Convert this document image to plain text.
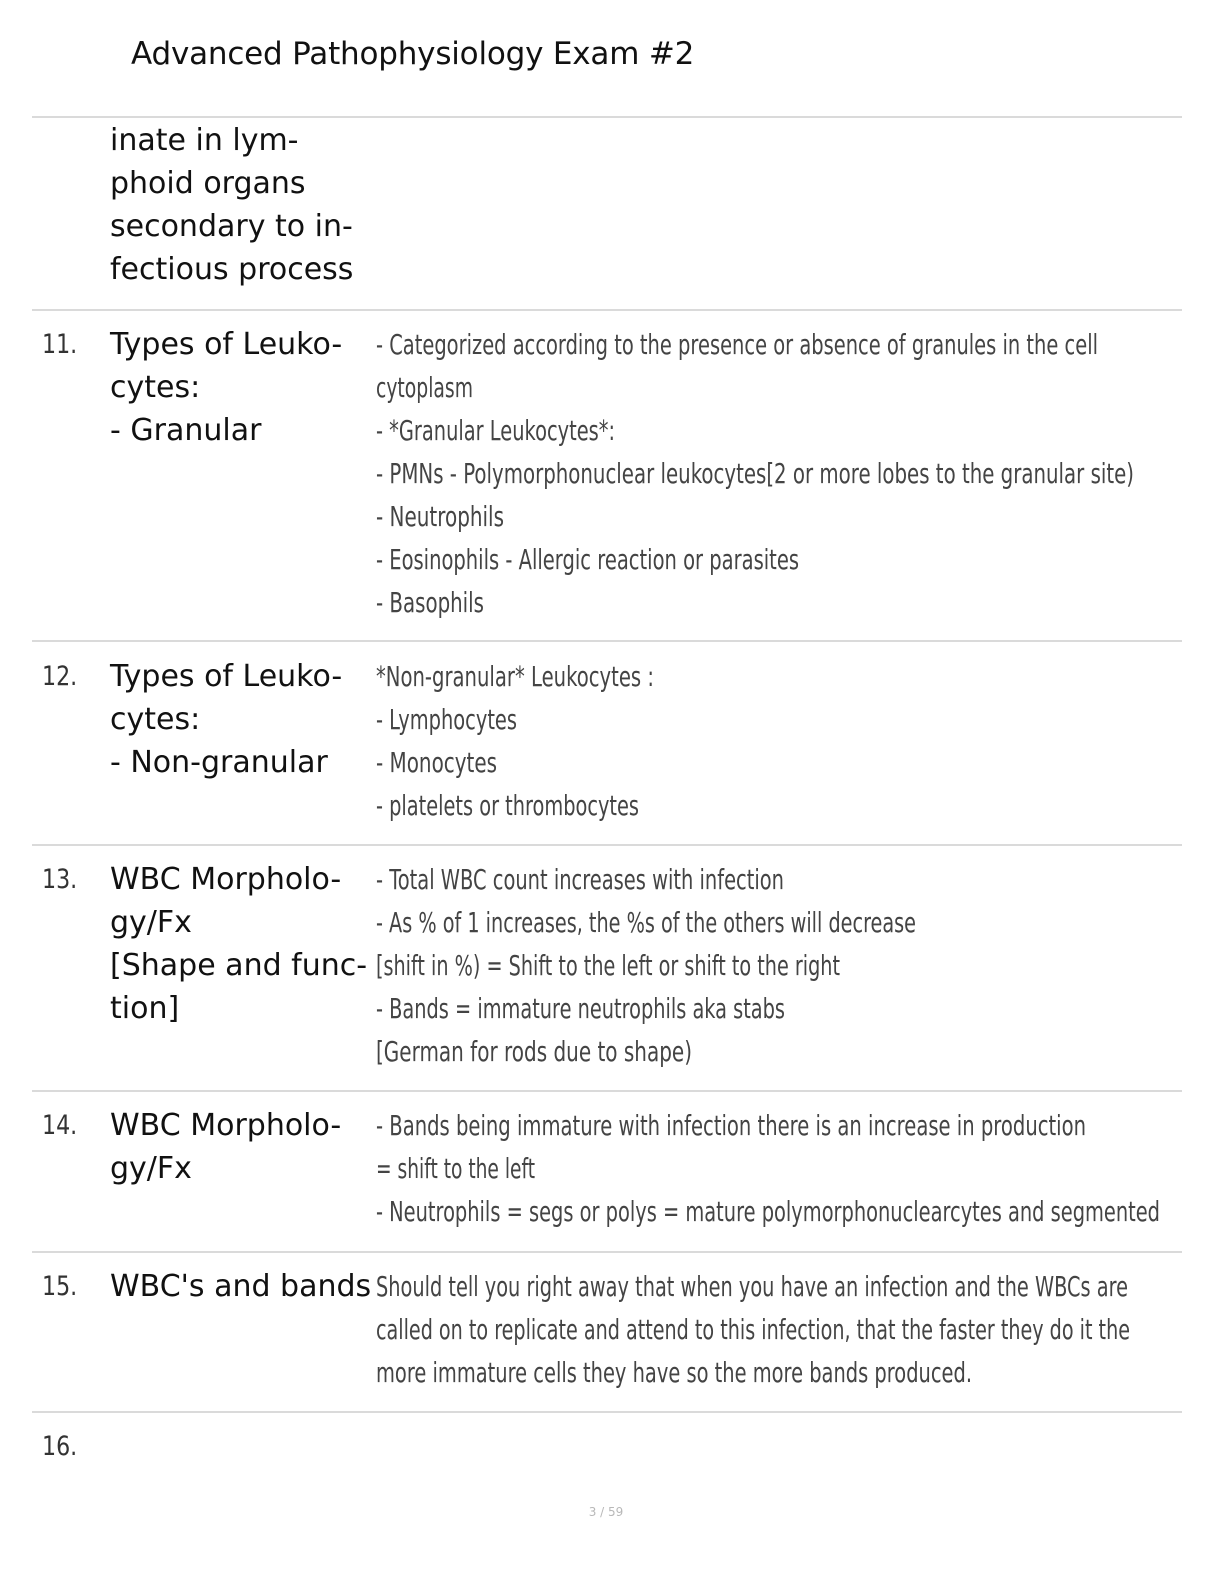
Advanced Pathophysiology Exam #2
inate in lym-
phoid organs
secondary to in-
fectious process
11. Types of Leuko-
cytes:
- Granular
- Categorized according to the presence or absence of granules in the cell
cytoplasm
- *Granular Leukocytes*:
- PMNs - Polymorphonuclear leukocytes[2 or more lobes to the granular site)
- Neutrophils
- Eosinophils - Allergic reaction or parasites
- Basophils
12. Types of Leuko-
cytes:
- Non-granular
*Non-granular* Leukocytes :
- Lymphocytes
- Monocytes
- platelets or thrombocytes
13. WBC Morpholo-
gy/Fx
[Shape and func-
tion]
- Total WBC count increases with infection
- As % of 1 increases, the %s of the others will decrease
[shift in %) = Shift to the left or shift to the right
- Bands = immature neutrophils aka stabs
[German for rods due to shape)
14. WBC Morpholo-
gy/Fx
- Bands being immature with infection there is an increase in production
= shift to the left
- Neutrophils = segs or polys = mature polymorphonuclearcytes and segmented
15. WBC's and bands Should tell you right away that when you have an infection and the WBCs are
called on to replicate and attend to this infection, that the faster they do it the
more immature cells they have so the more bands produced.
16.
3 / 59
